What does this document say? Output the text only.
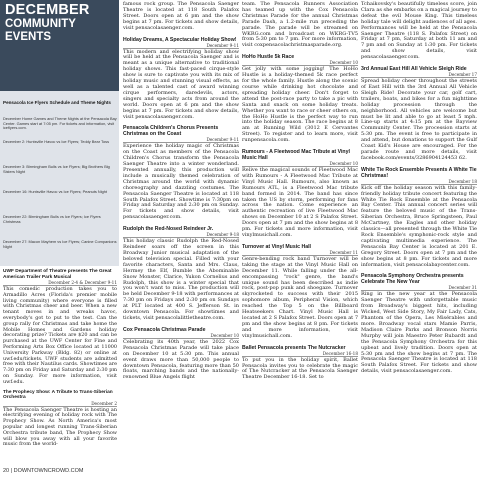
DECEMBER
COMMUNITY
EVENTS
Pensacola Ice Flyers Schedule and Theme Nights
December Home Games and Theme Nights at the Pensacola Bay Center. Games start at 7:05 pm. For tickets and information, visit iceflyers.com.
December 2: Huntsville Havoc vs Ice Flyers; Teddy Bear Toss
December 3: Birmingham Bulls vs Ice Flyers; Big Brothers Big Sisters Night
December 16: Huntsville Havoc vs Ice Flyers; Peanuts Night
December 22: Birmingham Bulls vs Ice Flyers; Ice Flyers Christmas
December 27: Macon Mayhem vs Ice Flyers; Canine Companions Night
UWF Department of Theatre presents The Great American Trailer Park Musical
December 2-4 & December 9-11
This comedic production takes you to Armadillo Acres (Florida's premier mobile living community) where everyone is filled with Christmas cheer and beer. When a new tenant moves in and wreaks havoc, everybody's got to put to the test. Can the group rally for Christmas and take home the Mobile Homes and Gardens holiday decorating prize? Tickets are $20 and can be purchased at the UWF Center for Fine and Performing Arts Box Office located at 11000 University Parkway (Bldg. 82) or online at uwf.edu/tickets. UWF students are admitted free with their Nautilus cards. Showtimes are 7:30 pm on Friday and Saturday and 2:30 pm on Sunday. For more information, visit uwf.edu.
The Prophecy Show: A Tribute to Trans-Siberian Orchestra
December 2
The Pensacola Saenger Theatre is hosting an electrifying evening of holiday rock with The Prophecy Show. As North America's most popular and longest running Trans-Siberian Orchestra tribute band, The Prophecy Show will blow you away with all your favorite music from the world-
20 | DOWNTOWNCROWD.COM

famous rock group. The Pensacola Saenger Theatre is located at 118 South Palafox Street. Doors open at 6 pm and the show begins at 7 pm. For tickets and show details, visit pensacolasaenger.com.

Holiday Dreams, A Spectacular Holiday Show!
December 9-11

This modern and electrifying holiday show will be held at the Pensacola Saenger and is meant as a unique alternative to traditional holiday shows. This fast-paced cirque-style show is sure to captivate you with its mix of holiday music and stunning visual effects, as well as a talented cast of award winning cirque performers, daredevils, actors, singers and specialty acts from around the world. Doors open at 6 pm and the show begins at 7 pm. For tickets and show details, visit pensacolasaenger.com.

Pensacola Children's Chorus Presents Christmas on the Coast
December 9-11

Experience the holiday magic of Christmas on the Coast as members of the Pensacola Children's Chorus transform the Pensacola Saenger Theatre into a winter wonderland. Presented annually, this production will include a musically themed celebration of Christmas around the world with dynamic choreography and dazzling costumes. The Pensacola Saenger Theatre is located at 118 South Palafox Street. Showtime is 7:30pm on Friday and Saturday and 2:30 pm on Sunday. For tickets and show details, visit pensacolasaenger.com.

Rudolph the Red-Nosed Reindeer Jr.
December 9-18

This holiday classic Rudolph the Red-Nosed Reindeer soars off the screen in this Broadway Junior musical adaptation of the beloved television special. Filled with your favorite characters, Santa and Mrs. Claus, Hermey the Elf, Bumble the Abominable Snow Monster, Clarice, Yukon Cornelius and Rudolph, this show is a winter special that you won't want to miss. The production will be held December 9-18 with performances at 7:30 pm on Fridays and 2:30 pm on Sundays at PLT located at 400 S. Jefferson St. in downtown Pensacola. For showtimes and tickets, visit pensacolalittletheatre.com.

Cox Pensacola Christmas Parade
December 10

Celebrating its 40th year, the 2022 Cox Pensacola Christmas Parade will take place on December 10 at 5:30 pm. This annual event draws more than 50,000 people to downtown Pensacola, featuring more than 50 floats, marching bands and the nationally-renowned Blue Angels flight

team. The Pensacola Runners Association has teamed up with the Cox Pensacola Christmas Parade for the annual Christmas Parade Dash, a 1.2-mile run preceding the parade. The parade will be streamed on WKRG.com and broadcast on WKRG-TV5 from 5:30 pm to 7 pm. For more information, visit coxpensacolachristmasparade.org.

HoHo Hustle 5k Race
December 10

Get jolly with some jogging! The HoHo Hustle is a holiday-themed 5k race perfect for the whole family. Hustle along the scenic course while drinking hot chocolate and spreading holiday cheer. Don't forget to attend the post-race party to take a pic with Santa and snack on some holiday treats. Whether you want to race or cheer others on, the HoHo Hustle is the perfect way to run into the holiday season. The race begins at 8 am at Running Wild (3012 E Cervantes Street). To register and to learn more, visit runpensacola.com.

Rumours - A Fleetwood Mac Tribute at Vinyl Music Hall
December 10

Relive the magical sounds of Fleetwood Mac with Rumours - A Fleetwood Mac Tribute at Vinyl Music Hall. Rumours, also known as Rumours ATL, is a Fleetwood Mac tribute band formed in 2014. The band has since taken the US by storm, performing for fans across the nation. Come experience an authentic recreation of live Fleetwood Mac shows on December 10 at 2 S Palafox Street. Doors open at 7 pm and the show begins at 8 pm. For tickets and more information, visit vinylmusichall.com.

Turnover at Vinyl Music Hall
December 11

Genre-bending rock band Turnover will be taking the stage at the Vinyl Music Hall on December 11. While falling under the all-encompassing "rock" genre, the band's unique sound has been described as indie rock, post-pop punk and shoegaze. Turnover skyrocketed to success with their 2015 sophomore album, Peripheral Vision, which reached the Top 5 on the Billboard Heatseekers Chart. Vinyl Music Hall is located at 2 S Palafox Street. Doors open at 7 pm and the show begins at 8 pm. For tickets and more information, visit vinylmusichall.com.

Ballet Pensacola presents The Nutcracker
December 16-18

To put you in the holiday spirit, Ballet Pensacola invites you to celebrate the magic of The Nutcracker at the Pensacola Saenger Theatre December 16-18. Set to

Tchaikovsky's beautifully timeless score, join Clara as she embarks on a magical journey to defeat the evil Mouse King. This timeless holiday tale will delight audiences of all ages. Performances will be held at the Pensacola Saenger Theatre (118 S. Palafox Street) on Friday at 7 pm, Saturday at both 11 am and 7 pm and on Sunday at 1:30 pm. For tickets and show details, visit pensacolasaenger.com.

3rd Annual East Hill All Vehicle Sleigh Ride
December 17

Spread holiday cheer throughout the streets of East Hill with the 3rd Annual All Vehicle Sleigh Ride! Decorate your car, golf cart, trailers, boats, and bikes for a fun nighttime holiday procession through the neighborhood. All vehicles are welcome but must be lit and able to go at least 5 mph. Line-up starts at 4:15 pm at the Bayview Community Center. The procession starts at 5:30 pm. The event is free to participate in and attend, but donations to support the Gulf Coast Kid's House are encouraged. For the parade route and more details, visit facebook.com/events/3286904124453 62.

White Tie Rock Ensemble Presents A White Tie Christmas!
December 18

Kick off the holiday season with this family-friendly holiday tribute concert featuring the White Tie Rock Ensemble at the Pensacola Bay Center. This annual concert series will feature the beloved music of the Trans-Siberian Orchestra, Bruce Springsteen, Paul McCartney, the Eagles and other holiday classics—all presented through the White Tie Rock Ensemble's symphonic-rock style and captivating multimedia experience. The Pensacola Bay Center is located at 201 E. Gregory Street. Doors open at 7 pm and the show begins at 8 pm. For tickets and more information, visit pensacolabaycenter.com.

Pensacola Symphony Orchestra presents Celebrate The New Year
December 31

Ring in the new year at the Pensacola Saenger Theatre with unforgettable music from Broadway's biggest hits, including Wicked, West Side Story, My Fair Lady, Cats, Phantom of the Opera, Les Misérables and more. Broadway vocal stars Mamie Parris, Madison Claire Parks and Bronson Norris Murphy will join Maestro Peter Rubardt and the Pensacola Symphony Orchestra for this upbeat and lively tradition. Doors open at 5:30 pm and the show begins at 7 pm. The Pensacola Saenger Theatre is located at 118 South Palafox Street. For tickets and show details, visit pensacolasaenger.com.
